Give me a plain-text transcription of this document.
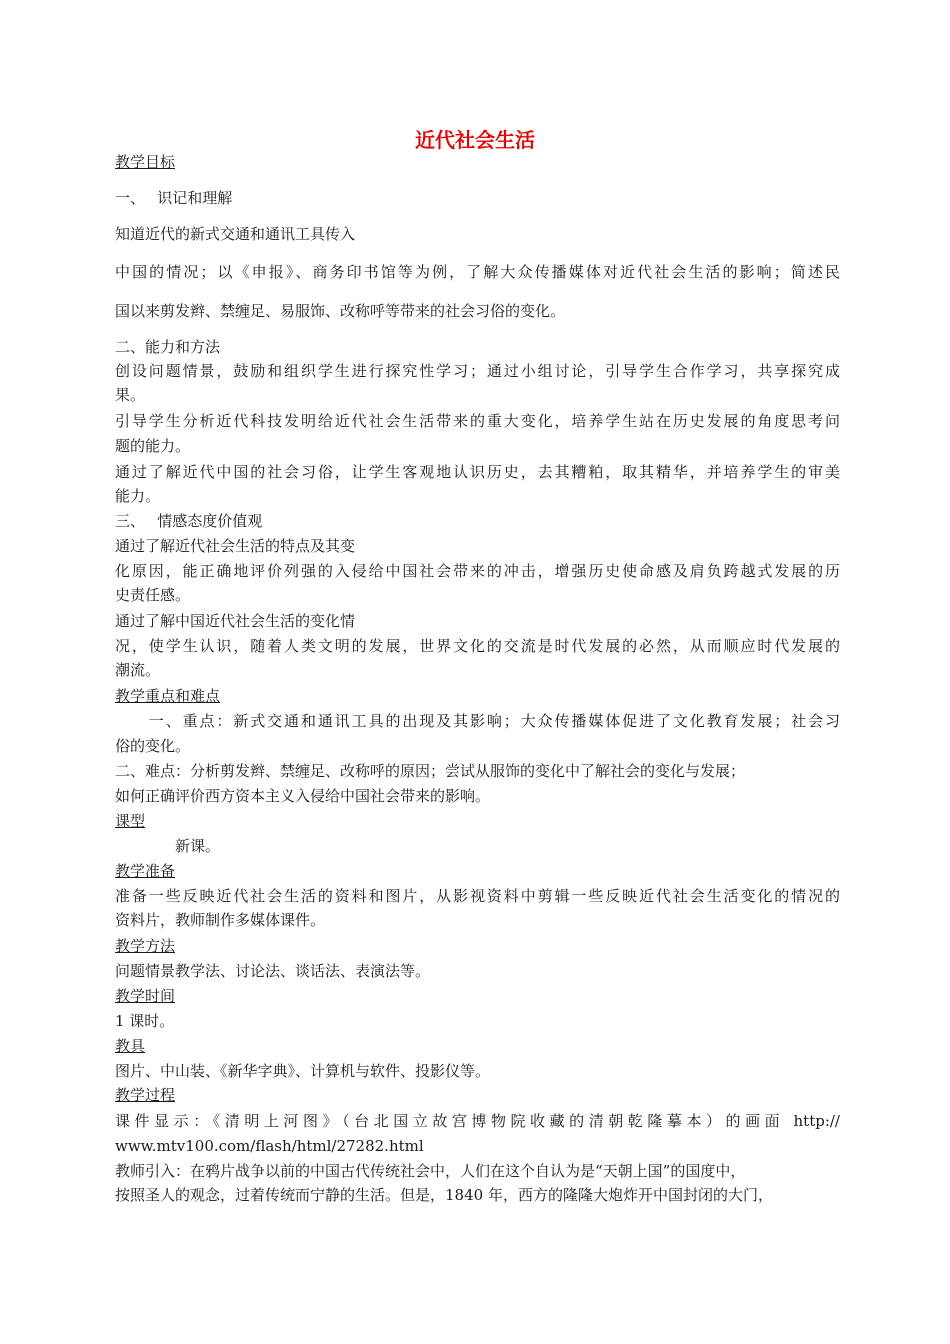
近代社会生活
教学目标
一、　 识记和理解
知道近代的新式交通和通讯工具传入
中国的情况；以《申报》、商务印书馆等为例，了解大众传播媒体对近代社会生活的影响；简述民
国以来剪发辫、禁缠足、易服饰、改称呼等带来的社会习俗的变化。
二、能力和方法
创设问题情景，鼓励和组织学生进行探究性学习；通过小组讨论，引导学生合作学习，共享探究成
果。
引导学生分析近代科技发明给近代社会生活带来的重大变化，培养学生站在历史发展的角度思考问
题的能力。
通过了解近代中国的社会习俗，让学生客观地认识历史，去其糟粕，取其精华，并培养学生的审美
能力。
三、　 情感态度价值观
通过了解近代社会生活的特点及其变
化原因，能正确地评价列强的入侵给中国社会带来的冲击，增强历史使命感及肩负跨越式发展的历
史责任感。
通过了解中国近代社会生活的变化情
况，使学生认识，随着人类文明的发展，世界文化的交流是时代发展的必然，从而顺应时代发展的
潮流。
教学重点和难点
　　一、重点：新式交通和通讯工具的出现及其影响；大众传播媒体促进了文化教育发展；社会习
俗的变化。
二、难点：分析剪发辫、禁缠足、改称呼的原因；尝试从服饰的变化中了解社会的变化与发展；
如何正确评价西方资本主义入侵给中国社会带来的影响。
课型
　　　　新课。
教学准备
准备一些反映近代社会生活的资料和图片，从影视资料中剪辑一些反映近代社会生活变化的情况的
资料片，教师制作多媒体课件。
教学方法
问题情景教学法、讨论法、谈话法、表演法等。
教学时间
1 课时。
教具
图片、中山装、《新华字典》、计算机与软件、投影仪等。
教学过程
课件显示：《清明上河图》（台北国立故宫博物院收藏的清朝乾隆摹本）的画面 http://
www.mtv100.com/flash/html/27282.html
教师引入：在鸦片战争以前的中国古代传统社会中，人们在这个自认为是“天朝上国”的国度中，
按照圣人的观念，过着传统而宁静的生活。但是，1840 年，西方的隆隆大炮炸开中国封闭的大门，
